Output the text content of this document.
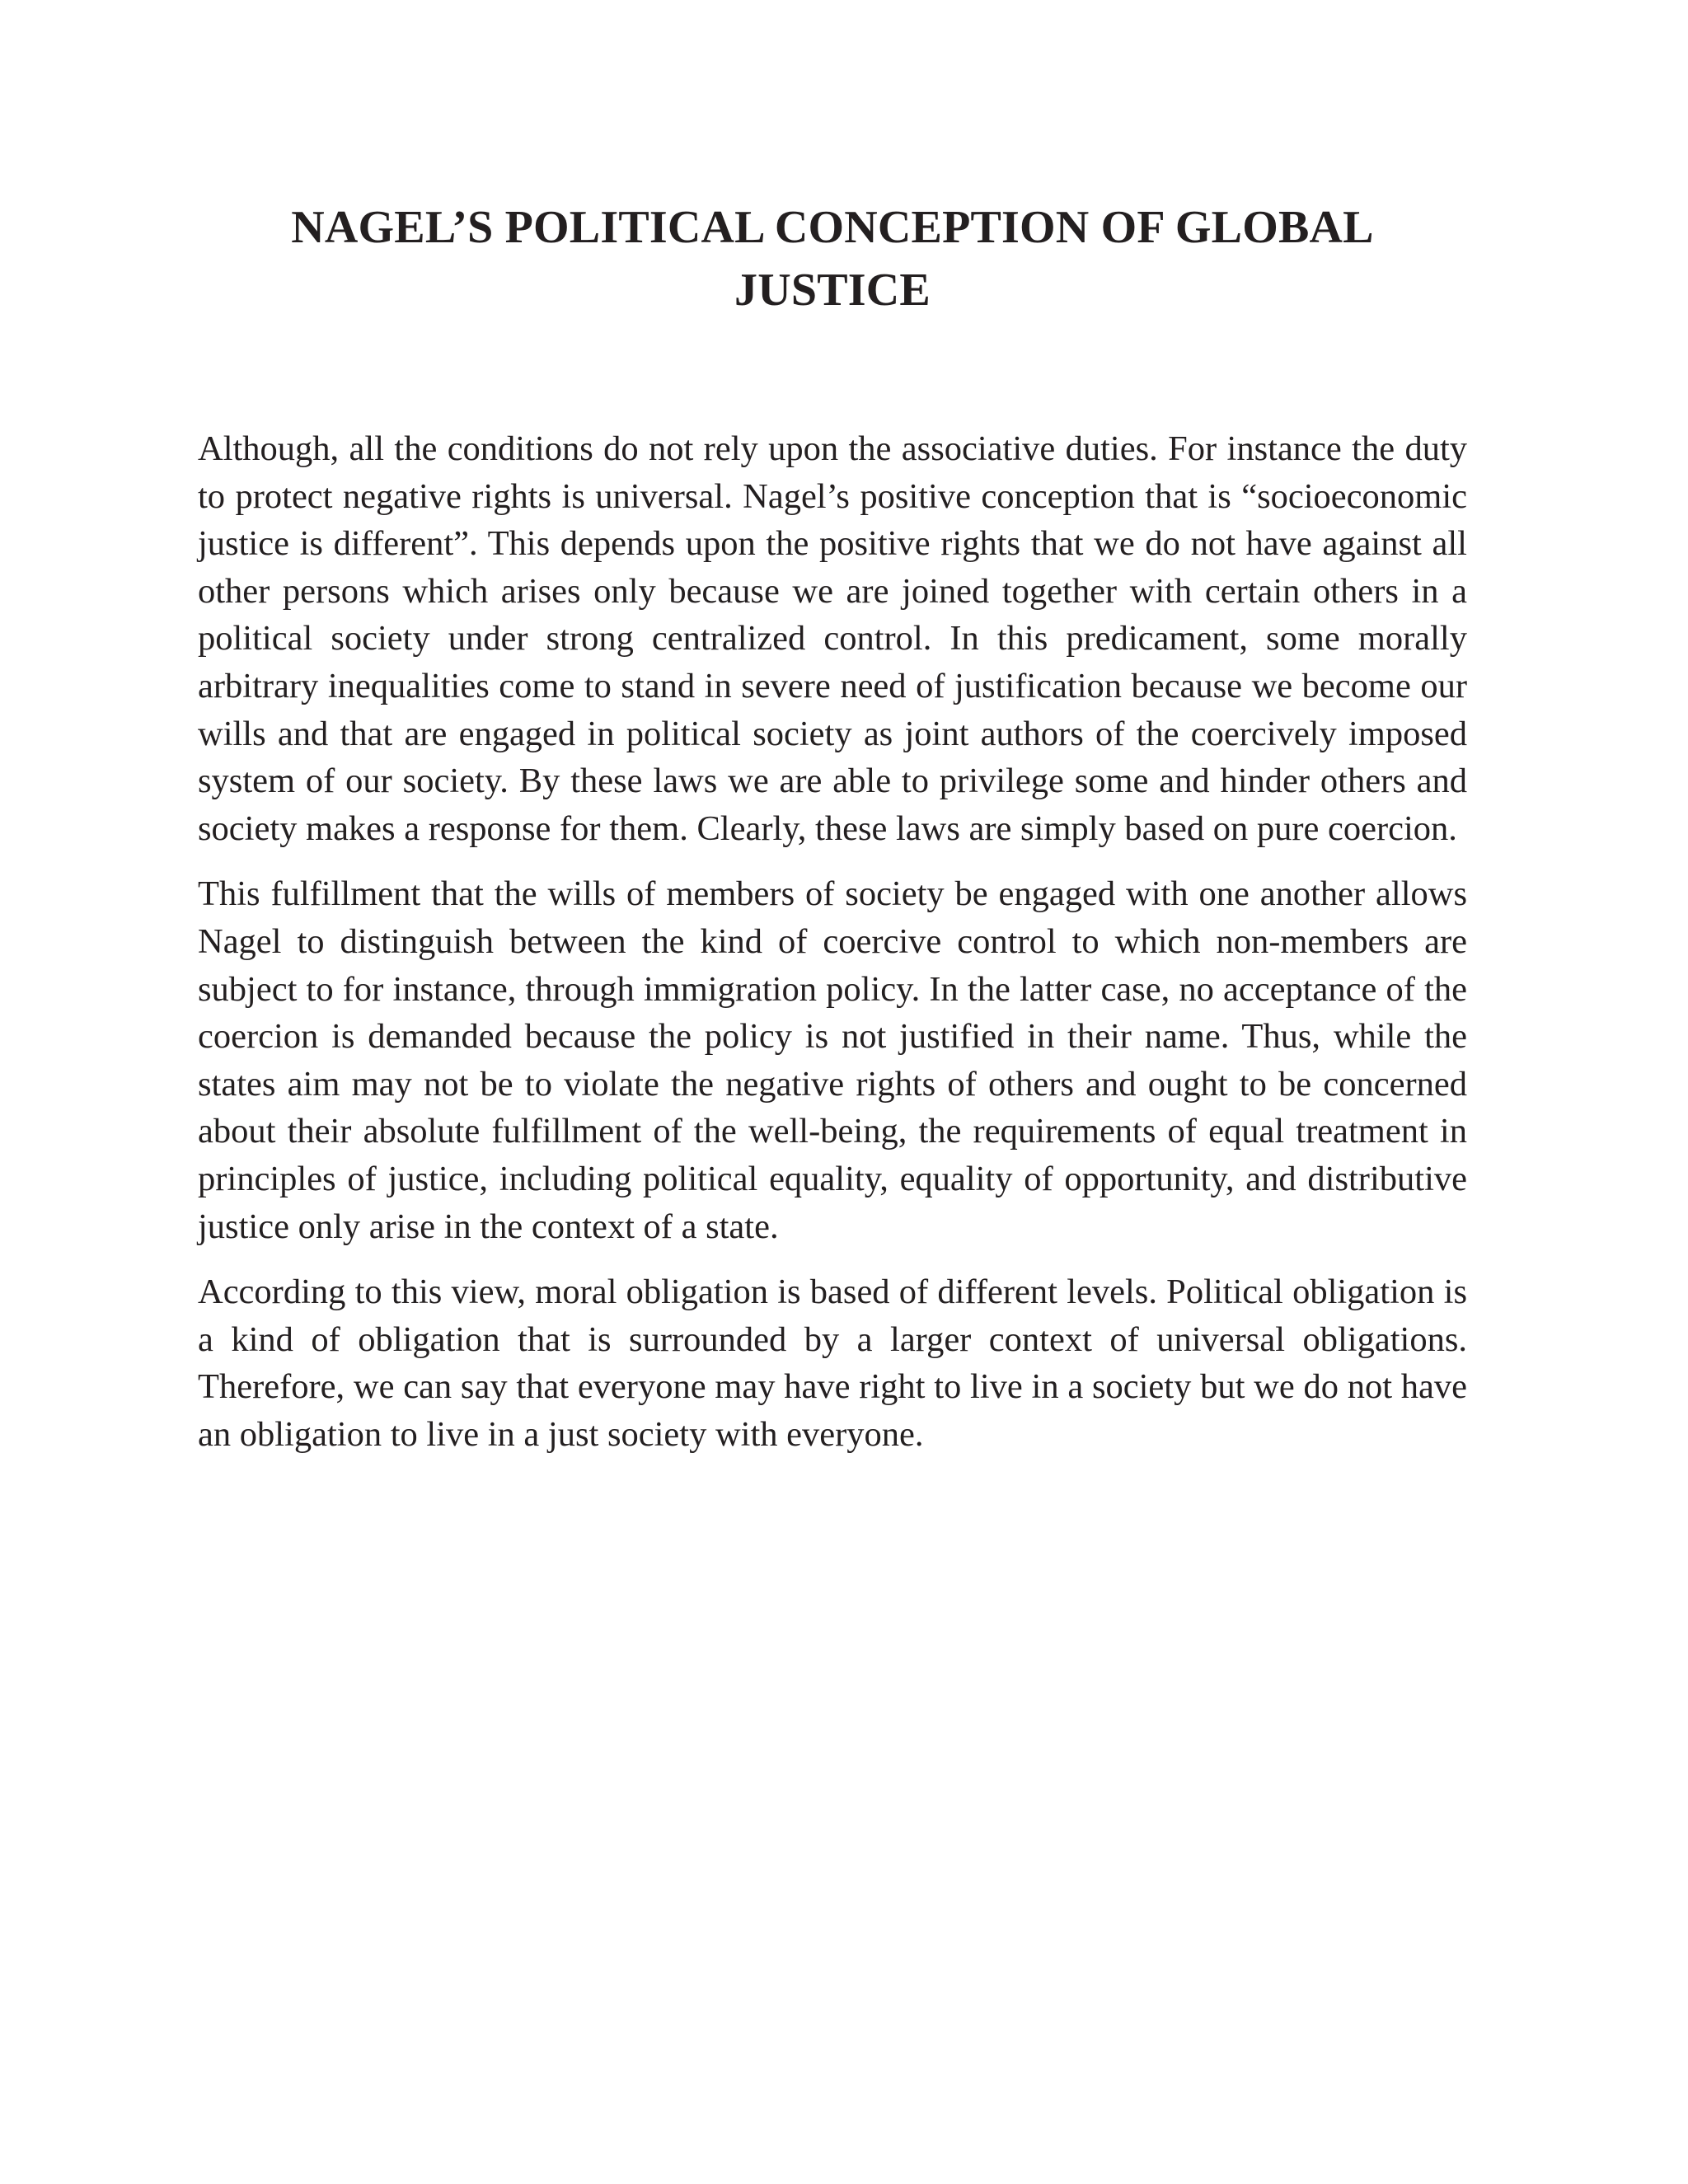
NAGEL’S POLITICAL CONCEPTION OF GLOBAL JUSTICE

Although, all the conditions do not rely upon the associative duties. For instance the duty to protect negative rights is universal. Nagel’s positive conception that is “socioeconomic justice is different”. This depends upon the positive rights that we do not have against all other persons which arises only because we are joined together with certain others in a political society under strong centralized control. In this predicament, some morally arbitrary inequalities come to stand in severe need of justification because we become our wills and that are engaged in political society as joint authors of the coercively imposed system of our society. By these laws we are able to privilege some and hinder others and society makes a response for them. Clearly, these laws are simply based on pure coercion.

This fulfillment that the wills of members of society be engaged with one another allows Nagel to distinguish between the kind of coercive control to which non-members are subject to for instance, through immigration policy. In the latter case, no acceptance of the coercion is demanded because the policy is not justified in their name. Thus, while the states aim may not be to violate the negative rights of others and ought to be concerned about their absolute fulfillment of the well-being, the requirements of equal treatment in principles of justice, including political equality, equality of opportunity, and distributive justice only arise in the context of a state.

According to this view, moral obligation is based of different levels. Political obligation is a kind of obligation that is surrounded by a larger context of universal obligations. Therefore, we can say that everyone may have right to live in a society but we do not have an obligation to live in a just society with everyone.
